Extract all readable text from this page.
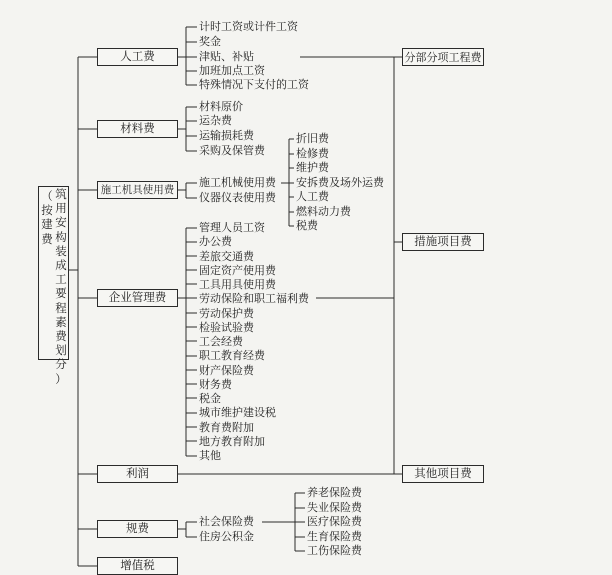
（
按
建
费
筑
用
安
构
装
成
工
要
程
素
费
划
分
）
人工费
材料费
施工机具使用费
企业管理费
利润
规费
增值税
分部分项工程费
措施项目费
其他项目费
计时工资或计件工资
奖金
津贴、补贴
加班加点工资
特殊情况下支付的工资
材料原价
运杂费
运输损耗费
采购及保管费
施工机械使用费
仪器仪表使用费
折旧费
检修费
维护费
安拆费及场外运费
人工费
燃料动力费
税费
管理人员工资
办公费
差旅交通费
固定资产使用费
工具用具使用费
劳动保险和职工福利费
劳动保护费
检验试验费
工会经费
职工教育经费
财产保险费
财务费
税金
城市维护建设税
教育费附加
地方教育附加
其他
社会保险费
住房公积金
养老保险费
失业保险费
医疗保险费
生育保险费
工伤保险费
